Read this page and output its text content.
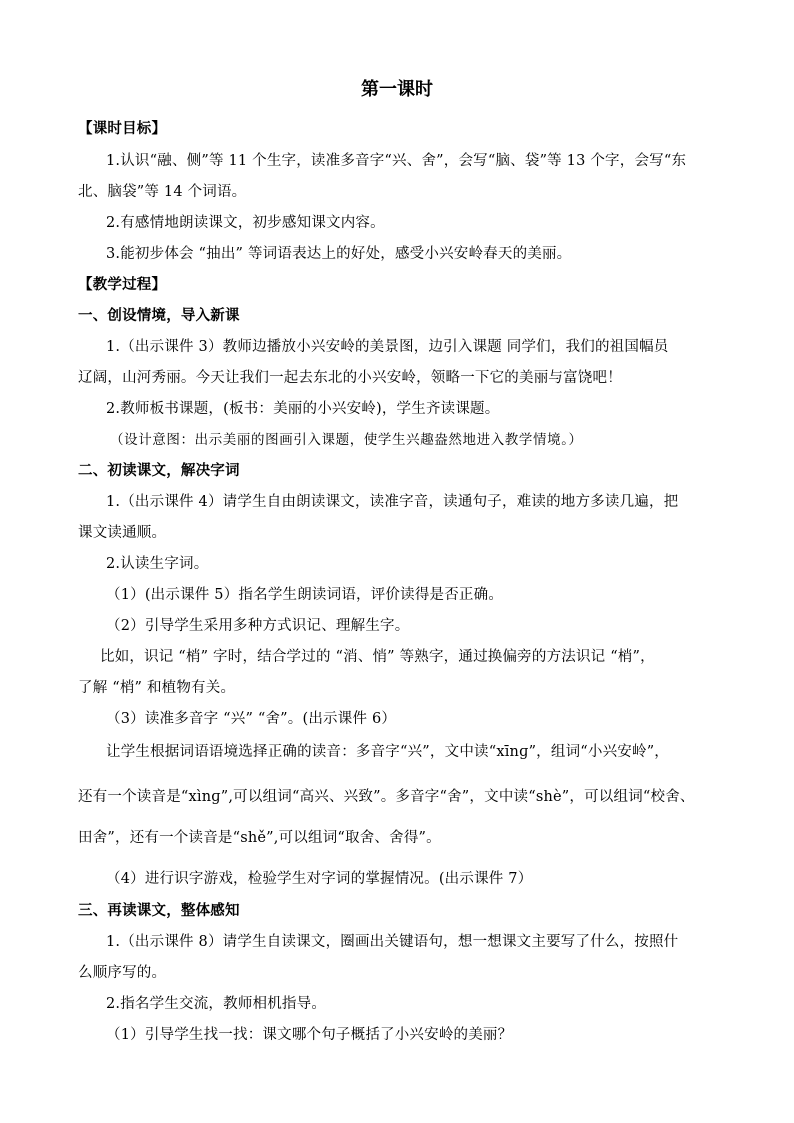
第一课时
【课时目标】
1.认识“融、侧”等 11 个生字，读准多音字“兴、舍”，会写“脑、袋”等 13 个字，会写“东
北、脑袋”等 14 个词语。
2.有感情地朗读课文，初步感知课文内容。
3.能初步体会 “抽出” 等词语表达上的好处，感受小兴安岭春天的美丽。
【教学过程】
一、创设情境，导入新课
1.（出示课件 3）教师边播放小兴安岭的美景图，边引入课题 同学们，我们的祖国幅员
辽阔，山河秀丽。今天让我们一起去东北的小兴安岭，领略一下它的美丽与富饶吧！
2.教师板书课题，(板书：美丽的小兴安岭)，学生齐读课题。
（设计意图：出示美丽的图画引入课题，使学生兴趣盎然地进入教学情境。）
二、初读课文，解决字词
1.（出示课件 4）请学生自由朗读课文，读准字音，读通句子，难读的地方多读几遍，把
课文读通顺。
2.认读生字词。
（1）(出示课件 5）指名学生朗读词语，评价读得是否正确。
（2）引导学生采用多种方式识记、理解生字。
比如，识记 “梢” 字时，结合学过的 “消、悄” 等熟字，通过换偏旁的方法识记 “梢”，
了解 “梢” 和植物有关。
（3）读准多音字 “兴” “舍”。(出示课件 6）
让学生根据词语语境选择正确的读音：多音字“兴”，文中读“xīnɡ”，组词“小兴安岭”，
还有一个读音是“xìnɡ”,可以组词“高兴、兴致”。多音字“舍”，文中读“shè”，可以组词“校舍、
田舍”，还有一个读音是“shě”,可以组词“取舍、舍得”。
（4）进行识字游戏，检验学生对字词的掌握情况。(出示课件 7）
三、再读课文，整体感知
1.（出示课件 8）请学生自读课文，圈画出关键语句，想一想课文主要写了什么，按照什
么顺序写的。
2.指名学生交流，教师相机指导。
（1）引导学生找一找：课文哪个句子概括了小兴安岭的美丽？
